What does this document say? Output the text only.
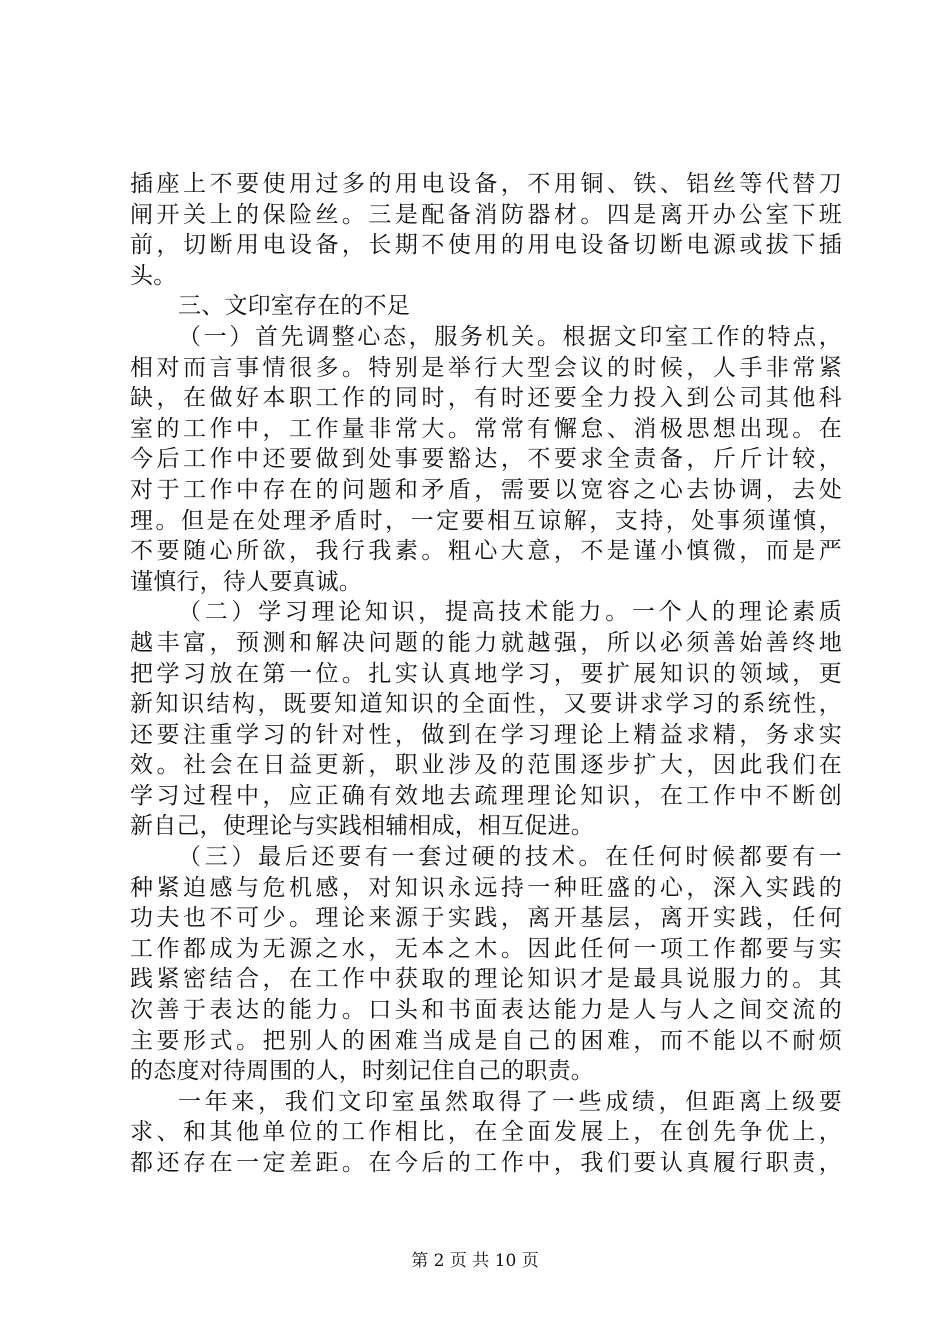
插座上不要使用过多的用电设备，不用铜、铁、铝丝等代替刀
闸开关上的保险丝。三是配备消防器材。四是离开办公室下班
前，切断用电设备，长期不使用的用电设备切断电源或拔下插
头。
三、文印室存在的不足
（一）首先调整心态，服务机关。根据文印室工作的特点，
相对而言事情很多。特别是举行大型会议的时候，人手非常紧
缺，在做好本职工作的同时，有时还要全力投入到公司其他科
室的工作中，工作量非常大。常常有懈怠、消极思想出现。在
今后工作中还要做到处事要豁达，不要求全责备，斤斤计较，
对于工作中存在的问题和矛盾，需要以宽容之心去协调，去处
理。但是在处理矛盾时，一定要相互谅解，支持，处事须谨慎，
不要随心所欲，我行我素。粗心大意，不是谨小慎微，而是严
谨慎行，待人要真诚。
（二）学习理论知识，提高技术能力。一个人的理论素质
越丰富，预测和解决问题的能力就越强，所以必须善始善终地
把学习放在第一位。扎实认真地学习，要扩展知识的领域，更
新知识结构，既要知道知识的全面性，又要讲求学习的系统性，
还要注重学习的针对性，做到在学习理论上精益求精，务求实
效。社会在日益更新，职业涉及的范围逐步扩大，因此我们在
学习过程中，应正确有效地去疏理理论知识，在工作中不断创
新自己，使理论与实践相辅相成，相互促进。
（三）最后还要有一套过硬的技术。在任何时候都要有一
种紧迫感与危机感，对知识永远持一种旺盛的心，深入实践的
功夫也不可少。理论来源于实践，离开基层，离开实践，任何
工作都成为无源之水，无本之木。因此任何一项工作都要与实
践紧密结合，在工作中获取的理论知识才是最具说服力的。其
次善于表达的能力。口头和书面表达能力是人与人之间交流的
主要形式。把别人的困难当成是自己的困难，而不能以不耐烦
的态度对待周围的人，时刻记住自己的职责。
一年来，我们文印室虽然取得了一些成绩，但距离上级要
求、和其他单位的工作相比，在全面发展上，在创先争优上，
都还存在一定差距。在今后的工作中，我们要认真履行职责，
第 2 页 共 10 页
